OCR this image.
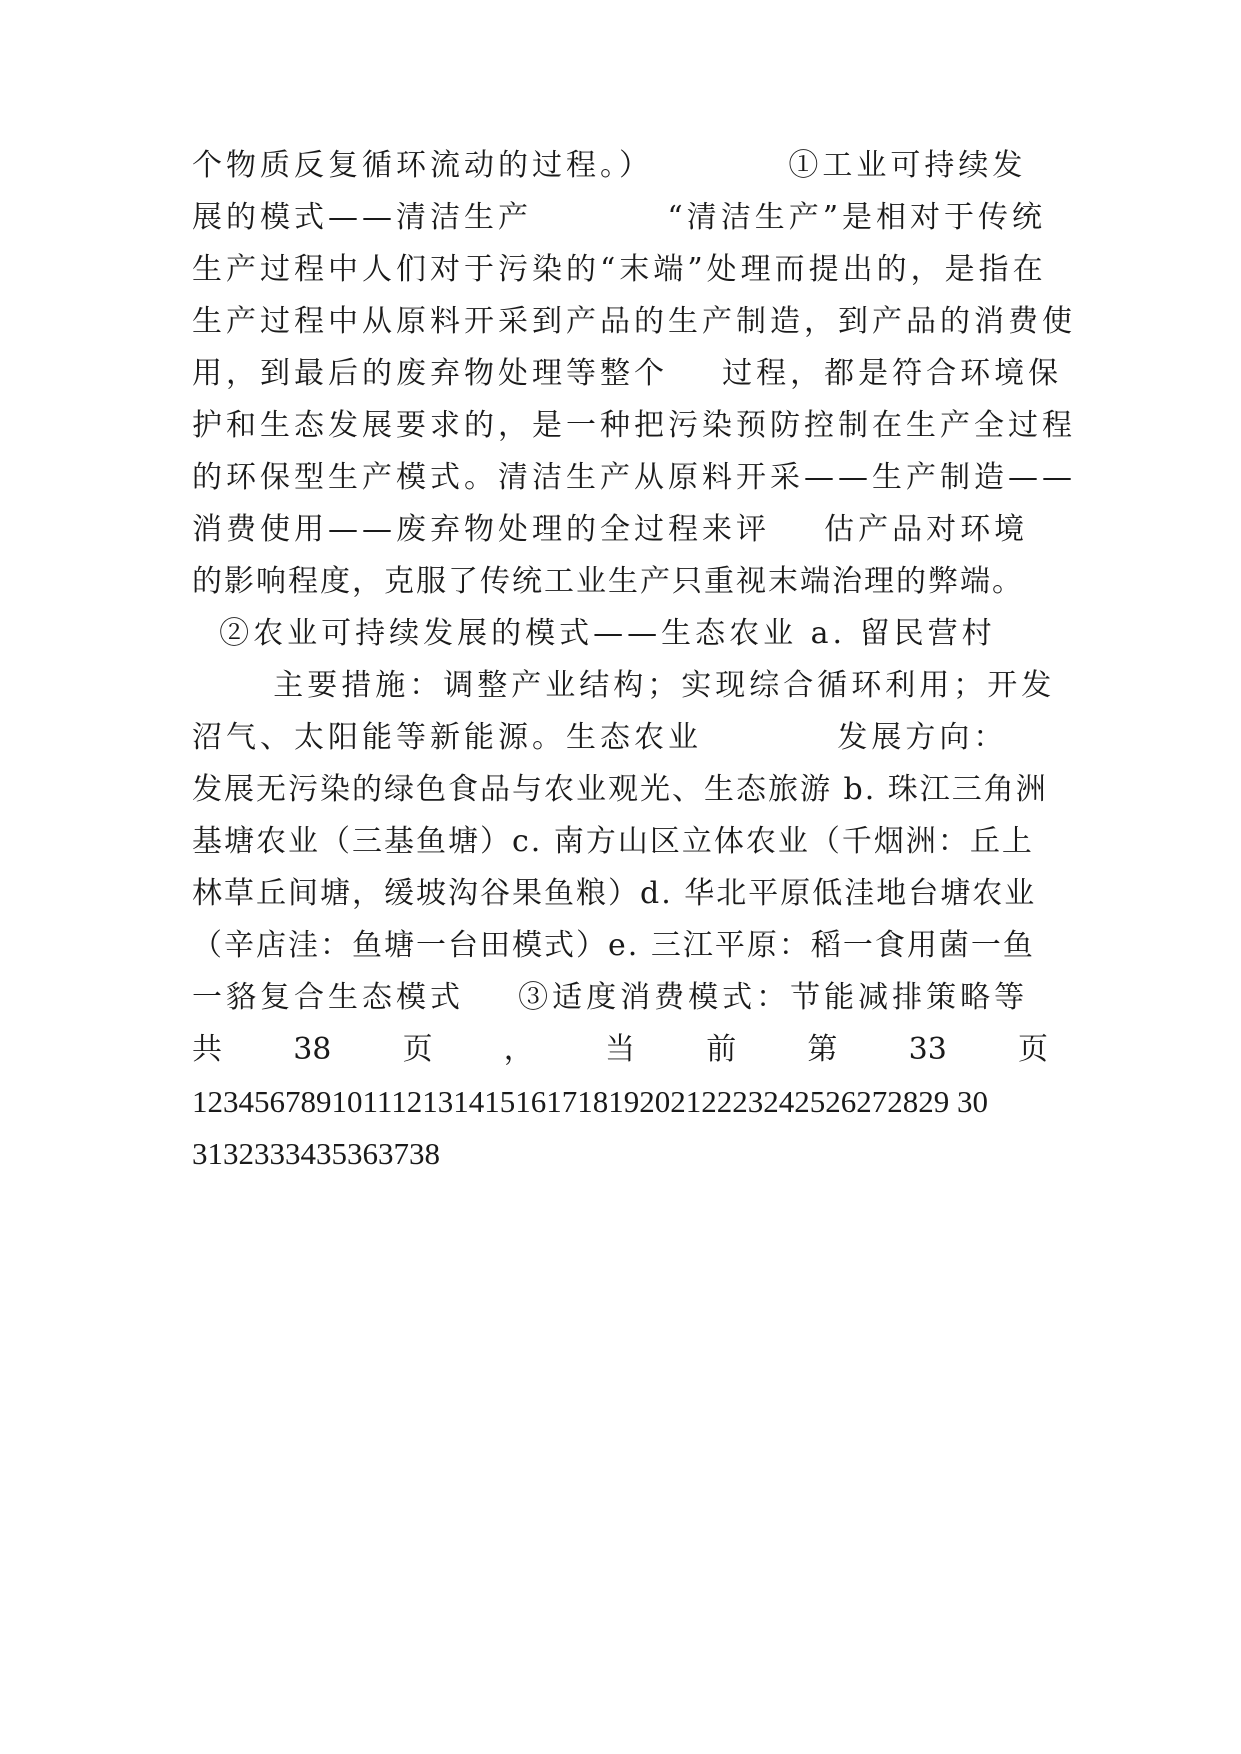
个物质反复循环流动的过程。）          ①工业可持续发
展的模式——清洁生产          “清洁生产”是相对于传统
生产过程中人们对于污染的“末端”处理而提出的，是指在
生产过程中从原料开采到产品的生产制造，到产品的消费使
用，到最后的废弃物处理等整个    过程，都是符合环境保
护和生态发展要求的，是一种把污染预防控制在生产全过程
的环保型生产模式。清洁生产从原料开采——生产制造——
消费使用——废弃物处理的全过程来评    估产品对环境
的影响程度，克服了传统工业生产只重视末端治理的弊端。
②农业可持续发展的模式——生态农业 a. 留民营村
主要措施：调整产业结构；实现综合循环利用；开发
沼气、太阳能等新能源。生态农业          发展方向：
发展无污染的绿色食品与农业观光、生态旅游 b. 珠江三角洲
基塘农业（三基鱼塘）c. 南方山区立体农业（千烟洲：丘上
林草丘间塘，缓坡沟谷果鱼粮）d. 华北平原低洼地台塘农业
（辛店洼：鱼塘一台田模式）e. 三江平原：稻一食用菌一鱼
一貉复合生态模式    ③适度消费模式：节能减排策略等
共 38 页 ， 当 前 第 33 页
1234567891011121314151617181920212223242526272829 30
3132333435363738
